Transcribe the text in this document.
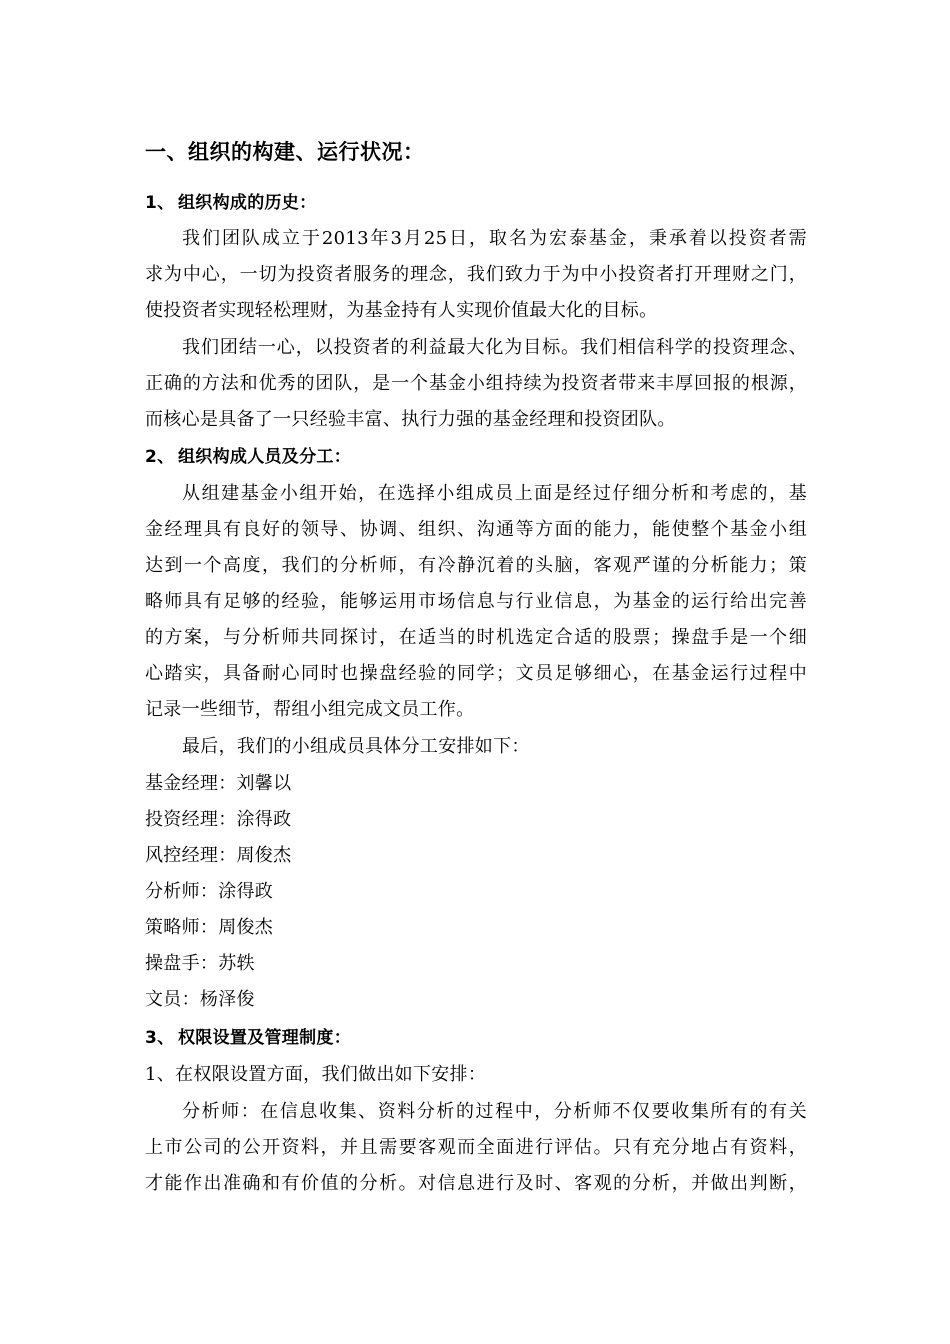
一、组织的构建、运行状况：
1、 组织构成的历史：
我们团队成立于2013年3月25日，取名为宏泰基金，秉承着以投资者需
求为中心，一切为投资者服务的理念，我们致力于为中小投资者打开理财之门，
使投资者实现轻松理财，为基金持有人实现价值最大化的目标。
我们团结一心，以投资者的利益最大化为目标。我们相信科学的投资理念、
正确的方法和优秀的团队，是一个基金小组持续为投资者带来丰厚回报的根源，
而核心是具备了一只经验丰富、执行力强的基金经理和投资团队。
2、 组织构成人员及分工：
从组建基金小组开始，在选择小组成员上面是经过仔细分析和考虑的，基
金经理具有良好的领导、协调、组织、沟通等方面的能力，能使整个基金小组
达到一个高度，我们的分析师，有冷静沉着的头脑，客观严谨的分析能力；策
略师具有足够的经验，能够运用市场信息与行业信息，为基金的运行给出完善
的方案，与分析师共同探讨，在适当的时机选定合适的股票；操盘手是一个细
心踏实，具备耐心同时也操盘经验的同学；文员足够细心，在基金运行过程中
记录一些细节，帮组小组完成文员工作。
最后，我们的小组成员具体分工安排如下：
基金经理：刘馨以
投资经理：涂得政
风控经理：周俊杰
分析师：涂得政
策略师：周俊杰
操盘手：苏轶
文员：杨泽俊
3、 权限设置及管理制度：
1、在权限设置方面，我们做出如下安排：
分析师：在信息收集、资料分析的过程中，分析师不仅要收集所有的有关
上市公司的公开资料，并且需要客观而全面进行评估。只有充分地占有资料，
才能作出准确和有价值的分析。对信息进行及时、客观的分析，并做出判断，
